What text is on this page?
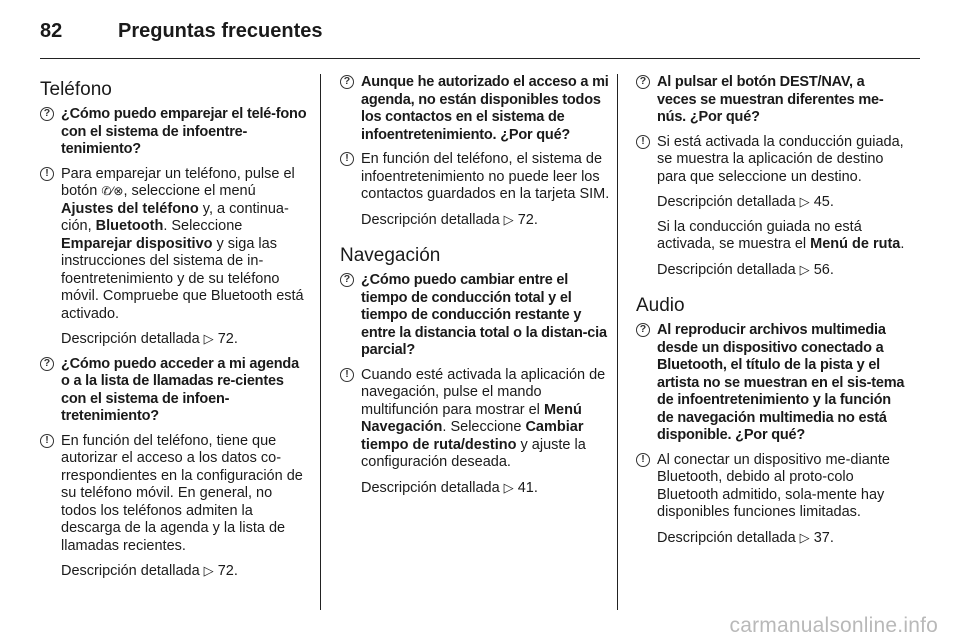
82	Preguntas frecuentes
Teléfono
? ¿Cómo puedo emparejar el telé-fono con el sistema de infoentre-tenimiento?

! Para emparejar un teléfono, pulse el botón ✆⁄⊗, seleccione el menú Ajustes del teléfono y, a continua-ción, Bluetooth. Seleccione Emparejar dispositivo y siga las instrucciones del sistema de in-foentretenimiento y de su teléfono móvil. Compruebe que Bluetooth está activado.

Descripción detallada ▷ 72.

? ¿Cómo puedo acceder a mi agenda o a la lista de llamadas re-cientes con el sistema de infoen-tretenimiento?

! En función del teléfono, tiene que autorizar el acceso a los datos co-rrespondientes en la configuración de su teléfono móvil. En general, no todos los teléfonos admiten la descarga de la agenda y la lista de llamadas recientes.

Descripción detallada ▷ 72.

? Aunque he autorizado el acceso a mi agenda, no están disponibles todos los contactos en el sistema de infoentretenimiento. ¿Por qué?

! En función del teléfono, el sistema de infoentretenimiento no puede leer los contactos guardados en la tarjeta SIM.

Descripción detallada ▷ 72.

Navegación
? ¿Cómo puedo cambiar entre el tiempo de conducción total y el tiempo de conducción restante y entre la distancia total o la distan-cia parcial?

! Cuando esté activada la aplicación de navegación, pulse el mando multifunción para mostrar el Menú Navegación. Seleccione Cambiar tiempo de ruta/destino y ajuste la configuración deseada.

Descripción detallada ▷ 41.

? Al pulsar el botón DEST/NAV, a veces se muestran diferentes me-nús. ¿Por qué?

! Si está activada la conducción guiada, se muestra la aplicación de destino para que seleccione un destino.

Descripción detallada ▷ 45.

Si la conducción guiada no está activada, se muestra el Menú de ruta.

Descripción detallada ▷ 56.

Audio
? Al reproducir archivos multimedia desde un dispositivo conectado a Bluetooth, el título de la pista y el artista no se muestran en el sis-tema de infoentretenimiento y la función de navegación multimedia no está disponible. ¿Por qué?

! Al conectar un dispositivo me-diante Bluetooth, debido al proto-colo Bluetooth admitido, sola-mente hay disponibles funciones limitadas.

Descripción detallada ▷ 37.

carmanualsonline.info
